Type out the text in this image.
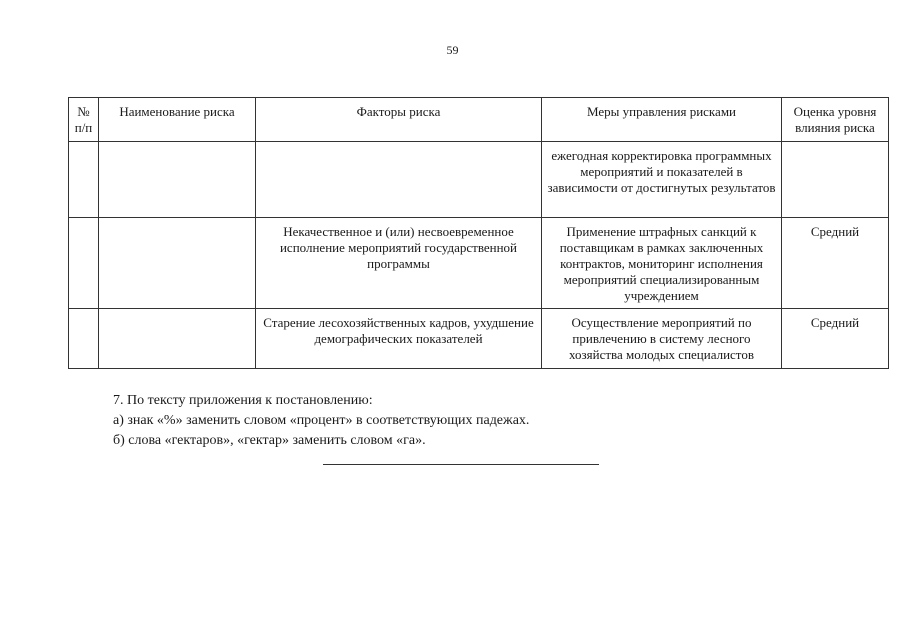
59
№ п/п	Наименование риска	Факторы риска	Меры управления рисками	Оценка уровня влияния риска
			ежегодная корректировка программных мероприятий и показателей в зависимости от достигнутых результатов	
		Некачественное и (или) несвоевременное исполнение мероприятий государственной программы	Применение штрафных санкций к поставщикам в рамках заключенных контрактов, мониторинг исполнения мероприятий специализированным учреждением	Средний
		Старение лесохозяйственных кадров, ухудшение демографических показателей	Осуществление мероприятий по привлечению в систему лесного хозяйства молодых специалистов	Средний
7. По тексту приложения к постановлению:
а) знак «%» заменить словом «процент» в соответствующих падежах.
б) слова «гектаров», «гектар» заменить словом «га».
